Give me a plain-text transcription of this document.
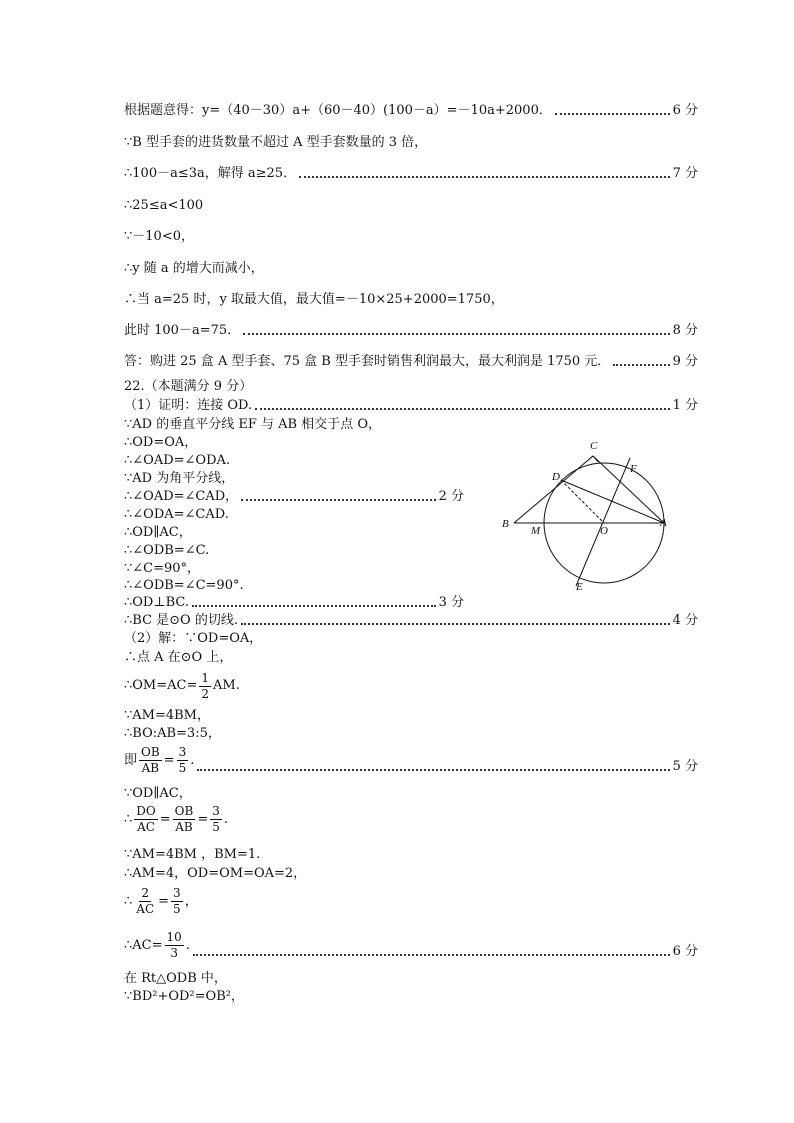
根据题意得：y=（40－30）a+（60－40）(100－a）=－10a+2000．	6 分
∵B 型手套的进货数量不超过 A 型手套数量的 3 倍，
∴100－a≤3a，解得 a≥25．	7 分
∴25≤a<100
∵－10<0，
∴y 随 a 的增大而减小，
∴当 a=25 时，y 取最大值，最大值=－10×25+2000=1750，
此时 100－a=75．	8 分
答：购进 25 盒 A 型手套、75 盒 B 型手套时销售利润最大，最大利润是 1750 元．	9 分
22.（本题满分 9 分）
（1）证明：连接 OD.	1 分
∵AD 的垂直平分线 EF 与 AB 相交于点 O，
∴OD=OA，
∴∠OAD=∠ODA.
∵AD 为角平分线，
∴∠OAD=∠CAD，	2 分
∴∠ODA=∠CAD.
∴OD∥AC，
∴∠ODB=∠C.
∵∠C=90°，
∴∠ODB=∠C=90°.
∴OD⊥BC.	3 分
∴BC 是⊙O 的切线.	4 分
（2）解：∵OD=OA，
∴点 A 在⊙O 上，
∴OM=AC= $\frac{1}{2}$ AM.
∵AM=4BM，
∴BO:AB=3:5，
即 $\frac{OB}{AB} = \frac{3}{5}$ .	5 分
∵OD∥AC，
∴ $\frac{DO}{AC} = \frac{OB}{AB} = \frac{3}{5}$ .
∵AM=4BM ，BM=1.
∴AM=4，OD=OM=OA=2，
∴ $\frac{2}{AC} = \frac{3}{5}$ ，
∴AC= $\frac{10}{3}$ .	6 分
在 Rt△ODB 中，
∵BD²+OD²=OB²，
C
D
F
B
M	O
A
E
